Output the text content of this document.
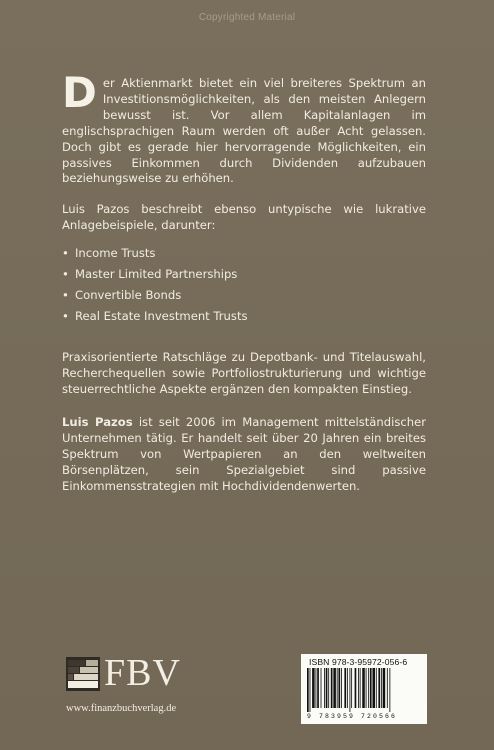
Copyrighted Material

Der Aktienmarkt bietet ein viel breiteres Spektrum an Investitionsmöglichkeiten, als den meisten Anlegern bewusst ist. Vor allem Kapitalanlagen im englischsprachigen Raum werden oft außer Acht gelassen. Doch gibt es gerade hier hervorragende Möglichkeiten, ein passives Einkommen durch Dividenden aufzubauen beziehungsweise zu erhöhen.

Luis Pazos beschreibt ebenso untypische wie lukrative Anlagebeispiele, darunter:

• Income Trusts
• Master Limited Partnerships
• Convertible Bonds
• Real Estate Investment Trusts

Praxisorientierte Ratschläge zu Depotbank- und Titelauswahl, Recherchequellen sowie Portfoliostrukturierung und wichtige steuerrechtliche Aspekte ergänzen den kompakten Einstieg.

Luis Pazos ist seit 2006 im Management mittelständischer Unternehmen tätig. Er handelt seit über 20 Jahren ein breites Spektrum von Wertpapieren an den weltweiten Börsenplätzen, sein Spezialgebiet sind passive Einkommensstrategien mit Hochdividendenwerten.

FBV
www.finanzbuchverlag.de
ISBN 978-3-95972-056-6
9 783959 720566
